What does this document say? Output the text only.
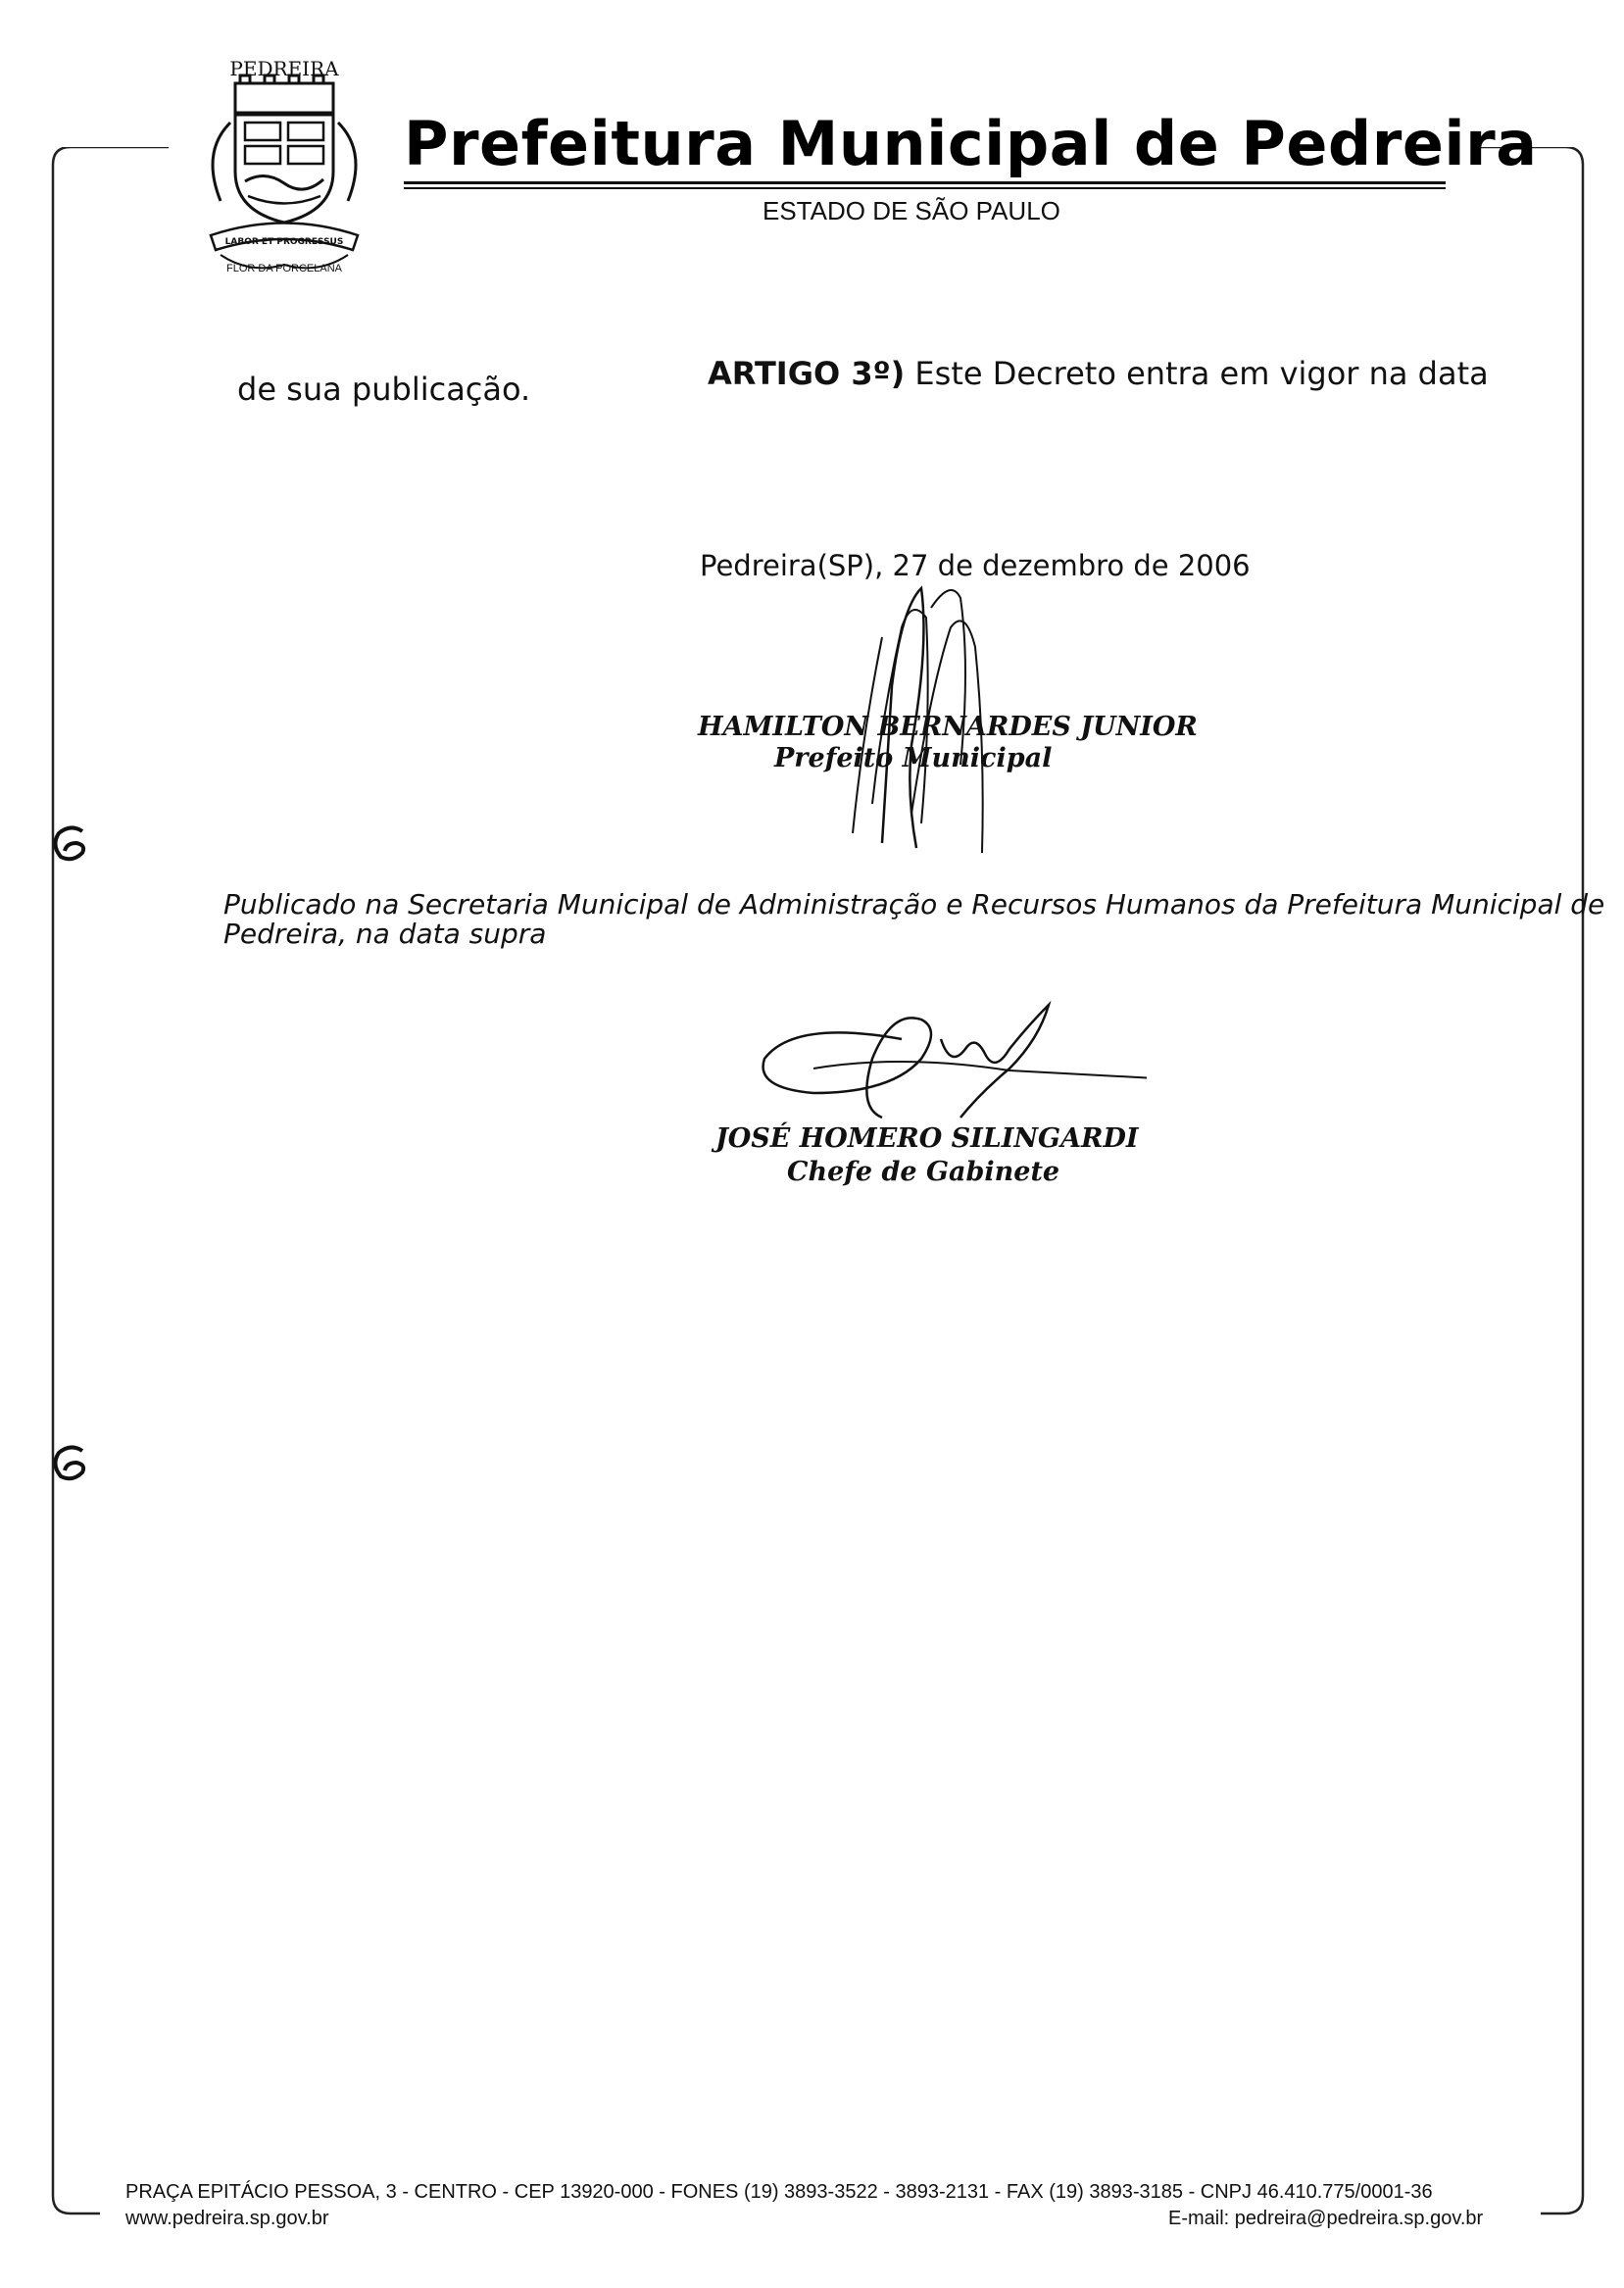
PEDREIRA
LABOR ET PROGRESSUS
FLOR DA PORCELANA
Prefeitura Municipal de Pedreira
ESTADO DE SÃO PAULO
ARTIGO 3º) Este Decreto entra em vigor na data
de sua publicação.
Pedreira(SP), 27 de dezembro de 2006
HAMILTON BERNARDES JUNIOR
Prefeito Municipal
Publicado na Secretaria Municipal de Administração e Recursos Humanos da Prefeitura Municipal de
Pedreira, na data supra
JOSÉ HOMERO SILINGARDI
Chefe de Gabinete
PRAÇA EPITÁCIO PESSOA, 3 - CENTRO - CEP 13920-000 - FONES (19) 3893-3522 - 3893-2131 - FAX (19) 3893-3185 - CNPJ 46.410.775/0001-36
www.pedreira.sp.gov.br	E-mail: pedreira@pedreira.sp.gov.br
